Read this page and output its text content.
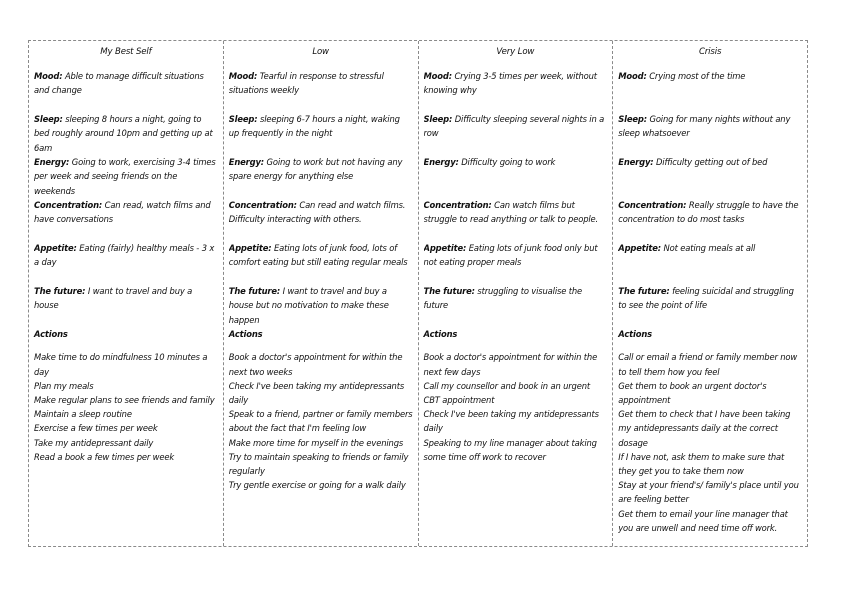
My Best Self
Mood: Able to manage difficult situations and change
Sleep: sleeping 8 hours a night, going to bed roughly around 10pm and getting up at 6am
Energy: Going to work, exercising 3-4 times per week and seeing friends on the weekends
Concentration: Can read, watch films and have conversations
Appetite: Eating (fairly) healthy meals - 3 x a day
The future: I want to travel and buy a house
Actions
Make time to do mindfulness 10 minutes a day
Plan my meals
Make regular plans to see friends and family
Maintain a sleep routine
Exercise a few times per week
Take my antidepressant daily
Read a book a few times per week
Low
Mood: Tearful in response to stressful situations weekly
Sleep: sleeping 6-7 hours a night, waking up frequently in the night
Energy: Going to work but not having any spare energy for anything else
Concentration: Can read and watch films. Difficulty interacting with others.
Appetite: Eating lots of junk food, lots of comfort eating but still eating regular meals
The future: I want to travel and buy a house but no motivation to make these happen
Actions
Book a doctor's appointment for within the next two weeks
Check I've been taking my antidepressants daily
Speak to a friend, partner or family members about the fact that I'm feeling low
Make more time for myself in the evenings
Try to maintain speaking to friends or family regularly
Try gentle exercise or going for a walk daily
Very Low
Mood: Crying 3-5 times per week, without knowing why
Sleep: Difficulty sleeping several nights in a row
Energy: Difficulty going to work
Concentration: Can watch films but struggle to read anything or talk to people.
Appetite: Eating lots of junk food only but not eating proper meals
The future: struggling to visualise the future
Actions
Book a doctor's appointment for within the next few days
Call my counsellor and book in an urgent CBT appointment
Check I've been taking my antidepressants daily
Speaking to my line manager about taking some time off work to recover
Crisis
Mood: Crying most of the time
Sleep: Going for many nights without any sleep whatsoever
Energy: Difficulty getting out of bed
Concentration: Really struggle to have the concentration to do most tasks
Appetite: Not eating meals at all
The future: feeling suicidal and struggling to see the point of life
Actions
Call or email a friend or family member now to tell them how you feel
Get them to book an urgent doctor's appointment
Get them to check that I have been taking my antidepressants daily at the correct dosage
If I have not, ask them to make sure that they get you to take them now
Stay at your friend's/ family's place until you are feeling better
Get them to email your line manager that you are unwell and need time off work.
